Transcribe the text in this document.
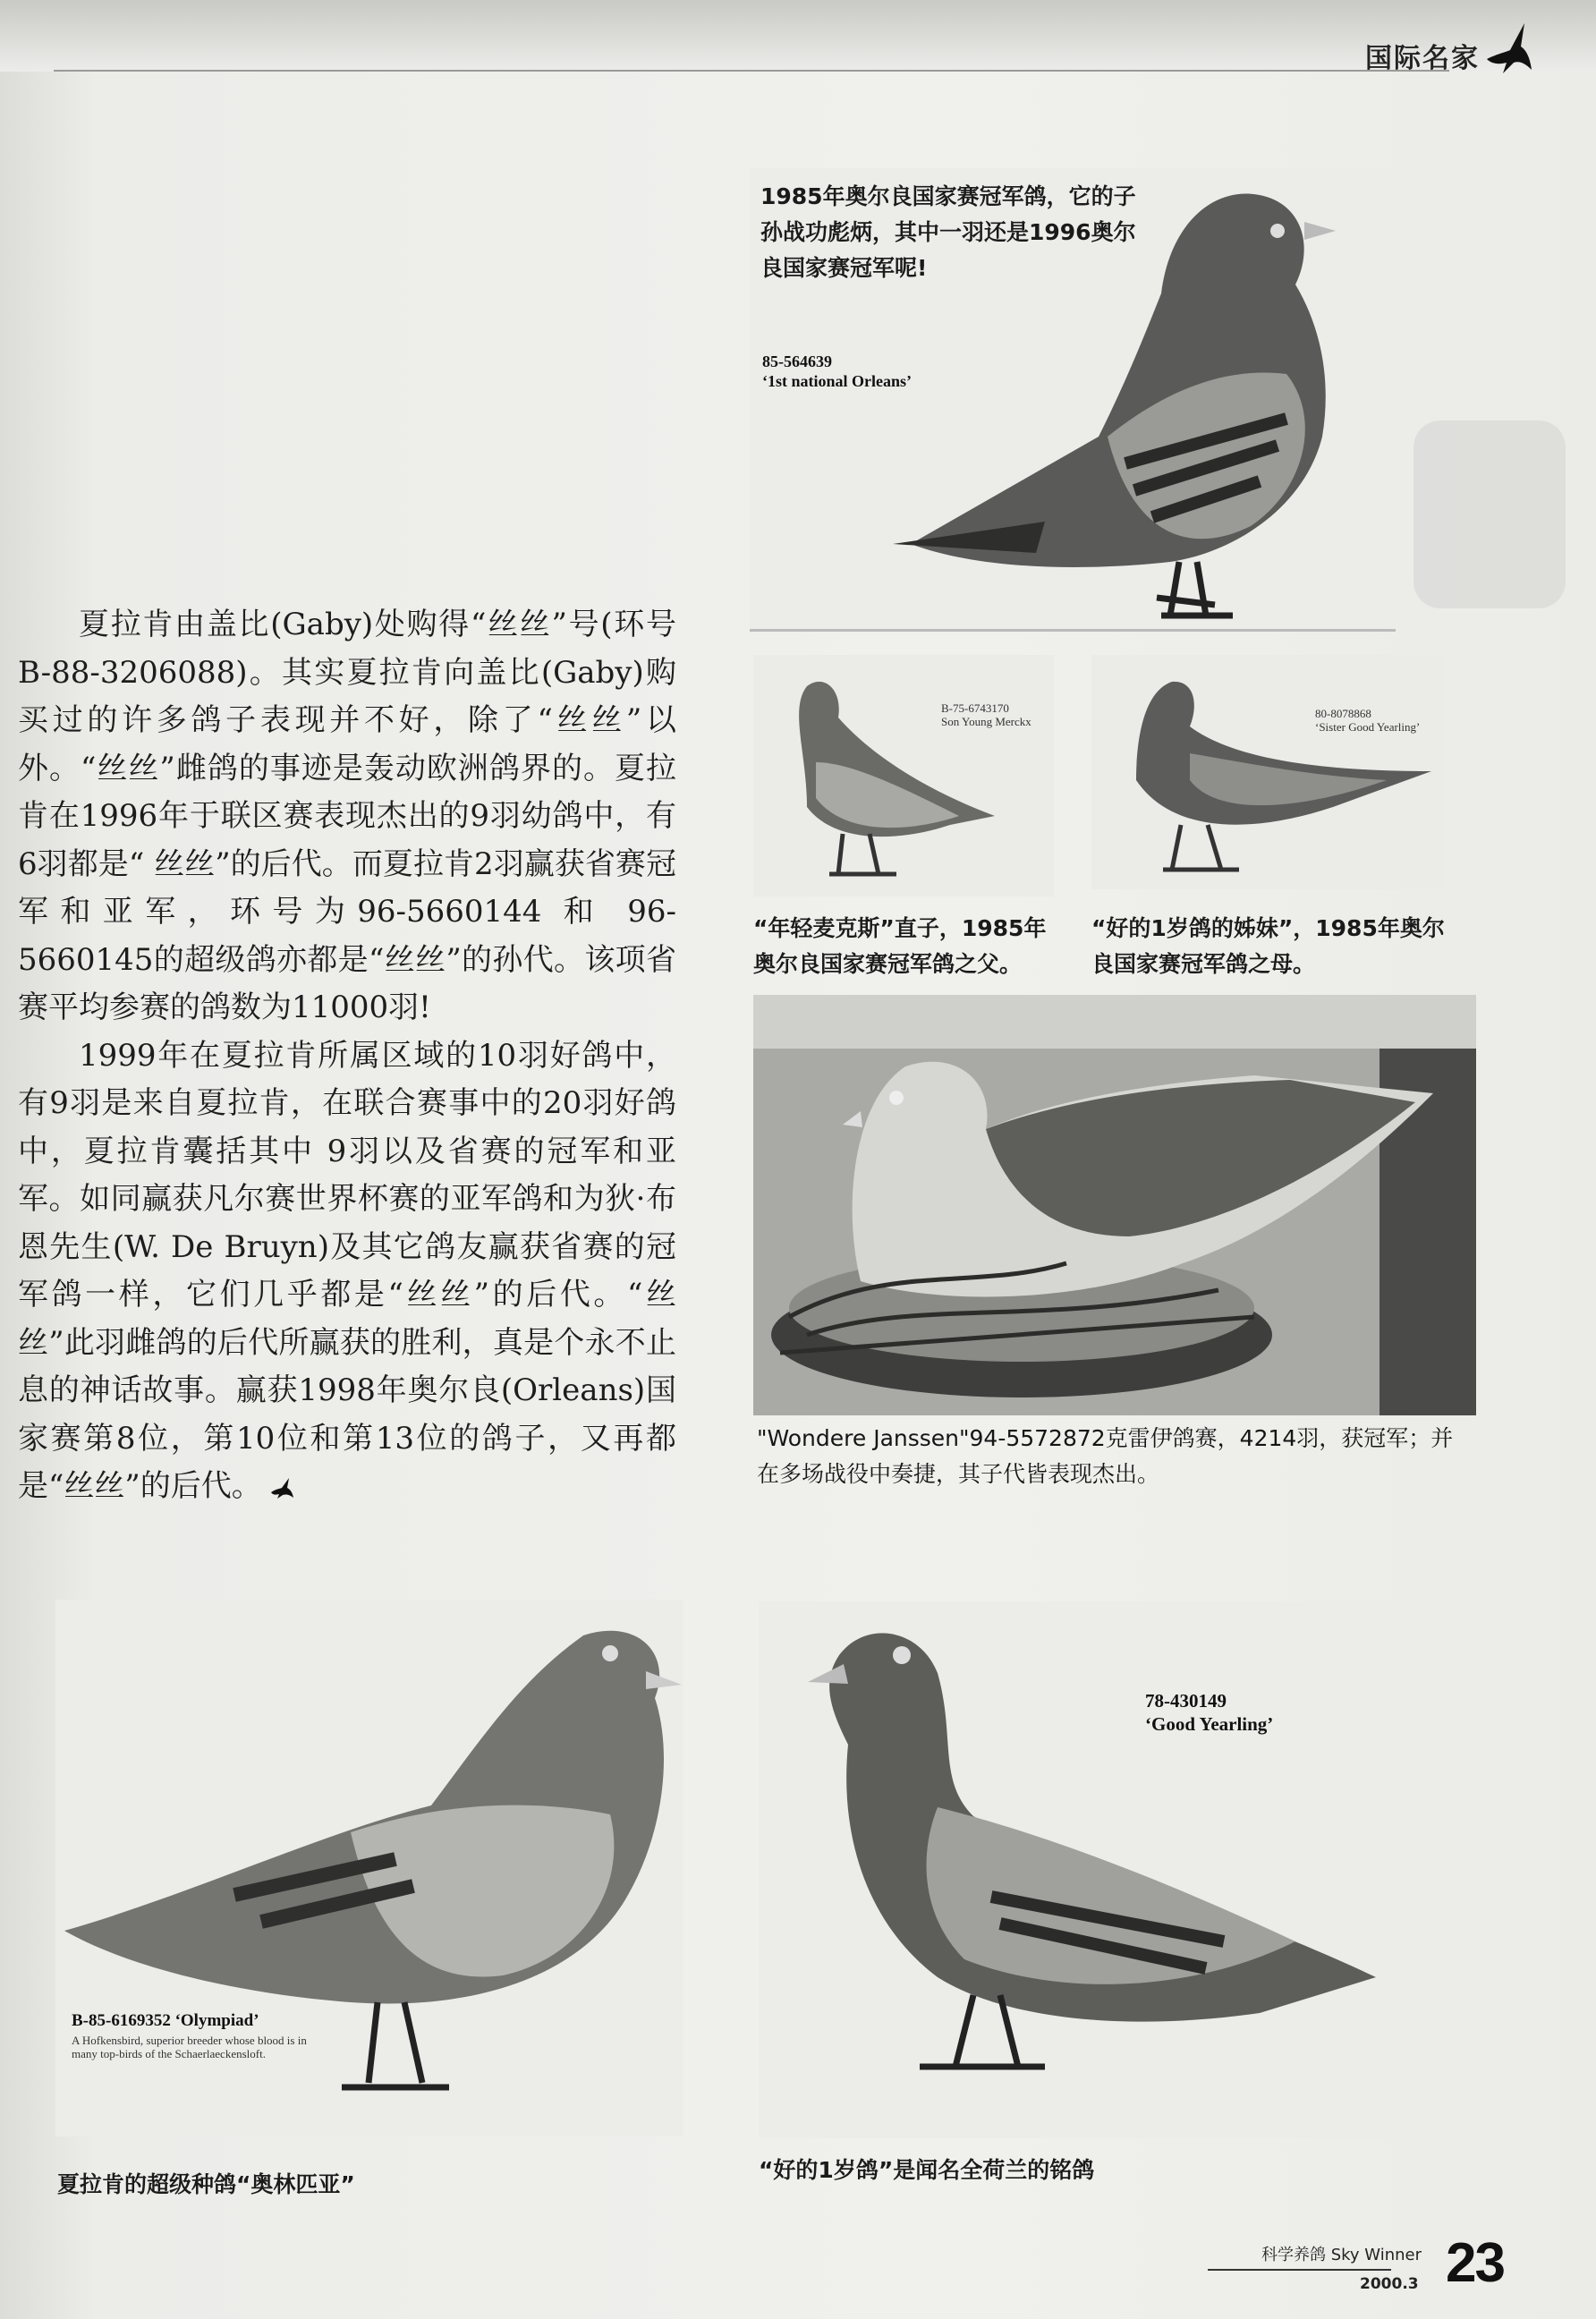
国际名家

夏拉肯由盖比(Gaby)处购得“丝丝”号(环号B-88-3206088)。其实夏拉肯向盖比(Gaby)购买过的许多鸽子表现并不好，除了“丝丝”以外。“丝丝”雌鸽的事迹是轰动欧洲鸽界的。夏拉肯在1996年于联区赛表现杰出的9羽幼鸽中，有6羽都是“ 丝丝”的后代。而夏拉肯2羽赢获省赛冠军和亚军，环号为96-5660144 和 96-5660145的超级鸽亦都是“丝丝”的孙代。该项省赛平均参赛的鸽数为11000羽!

1999年在夏拉肯所属区域的10羽好鸽中，有9羽是来自夏拉肯，在联合赛事中的20羽好鸽中，夏拉肯囊括其中 9羽以及省赛的冠军和亚军。如同赢获凡尔赛世界杯赛的亚军鸽和为狄·布恩先生(W. De Bruyn)及其它鸽友赢获省赛的冠军鸽一样，它们几乎都是“丝丝”的后代。“丝丝”此羽雌鸽的后代所赢获的胜利，真是个永不止息的神话故事。赢获1998年奥尔良(Orleans)国家赛第8位，第10位和第13位的鸽子，又再都是“丝丝”的后代。

1985年奥尔良国家赛冠军鸽，它的子孙战功彪炳，其中一羽还是1996奥尔良国家赛冠军呢!
85-564639
‘1st national Orleans’
B-75-6743170
Son Young Merckx
“年轻麦克斯”直子，1985年奥尔良国家赛冠军鸽之父。
80-8078868
‘Sister Good Yearling’
“好的1岁鸽的姊妹”，1985年奥尔良国家赛冠军鸽之母。
"Wondere Janssen"94-5572872克雷伊鸽赛，4214羽，获冠军；并在多场战役中奏捷，其子代皆表现杰出。
B-85-6169352 ‘Olympiad’
A Hofkensbird, superior breeder whose blood is in many top-birds of the Schaerlaeckensloft.
夏拉肯的超级种鸽“奥林匹亚”
78-430149
‘Good Yearling’
“好的1岁鸽”是闻名全荷兰的铭鸽
科学养鸽 Sky Winner
2000.3 23
